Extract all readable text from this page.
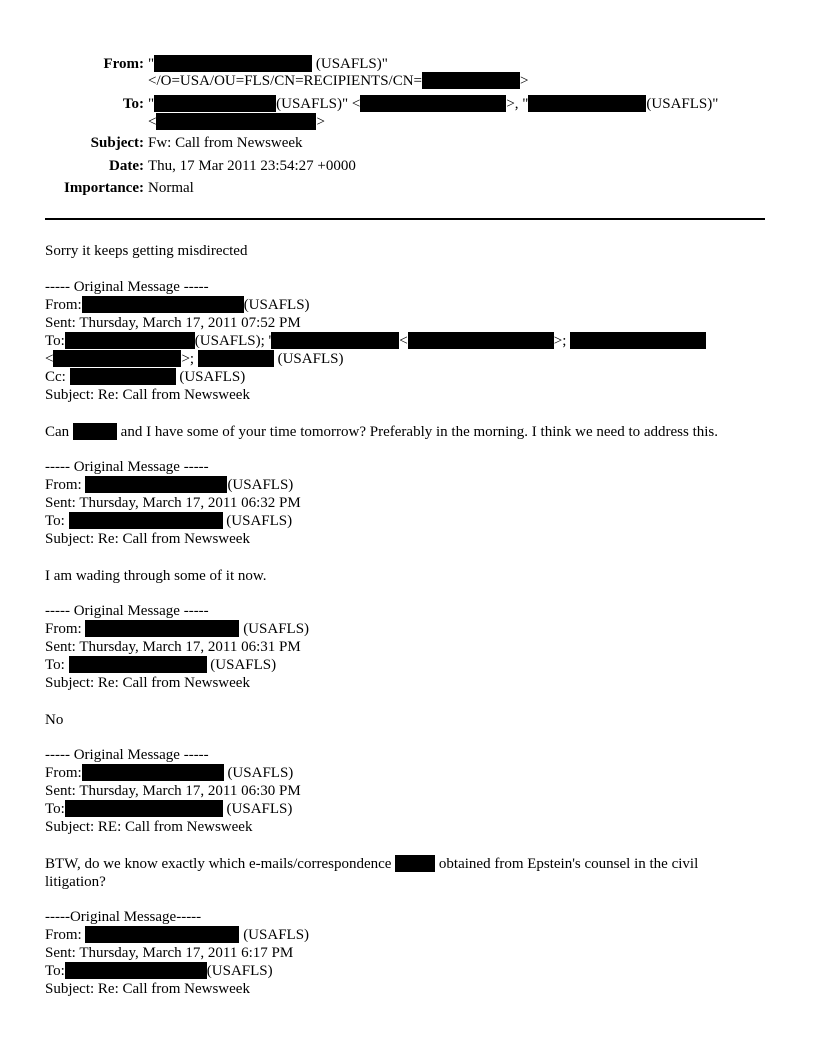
From: "	(USAFLS)"
</O=USA/OU=FLS/CN=RECIPIENTS/CN=	>
To: "	(USAFLS)" <	>, "	(USAFLS)"
<	>
Subject: Fw: Call from Newsweek
Date: Thu, 17 Mar 2011 23:54:27 +0000
Importance: Normal
Sorry it keeps getting misdirected
----- Original Message -----
From:	(USAFLS)
Sent: Thursday, March 17, 2011 07:52 PM
To:	(USAFLS); '	<	>;
<	>;	(USAFLS)
Cc:	(USAFLS)
Subject: Re: Call from Newsweek
Can	and I have some of your time tomorrow? Preferably in the morning. I think we need to address this.
----- Original Message -----
From:	(USAFLS)
Sent: Thursday, March 17, 2011 06:32 PM
To:	(USAFLS)
Subject: Re: Call from Newsweek
I am wading through some of it now.
----- Original Message -----
From:	(USAFLS)
Sent: Thursday, March 17, 2011 06:31 PM
To:	(USAFLS)
Subject: Re: Call from Newsweek
No
----- Original Message -----
From:	(USAFLS)
Sent: Thursday, March 17, 2011 06:30 PM
To:	(USAFLS)
Subject: RE: Call from Newsweek
BTW, do we know exactly which e-mails/correspondence	obtained from Epstein's counsel in the civil
litigation?
-----Original Message-----
From:	(USAFLS)
Sent: Thursday, March 17, 2011 6:17 PM
To:	(USAFLS)
Subject: Re: Call from Newsweek
